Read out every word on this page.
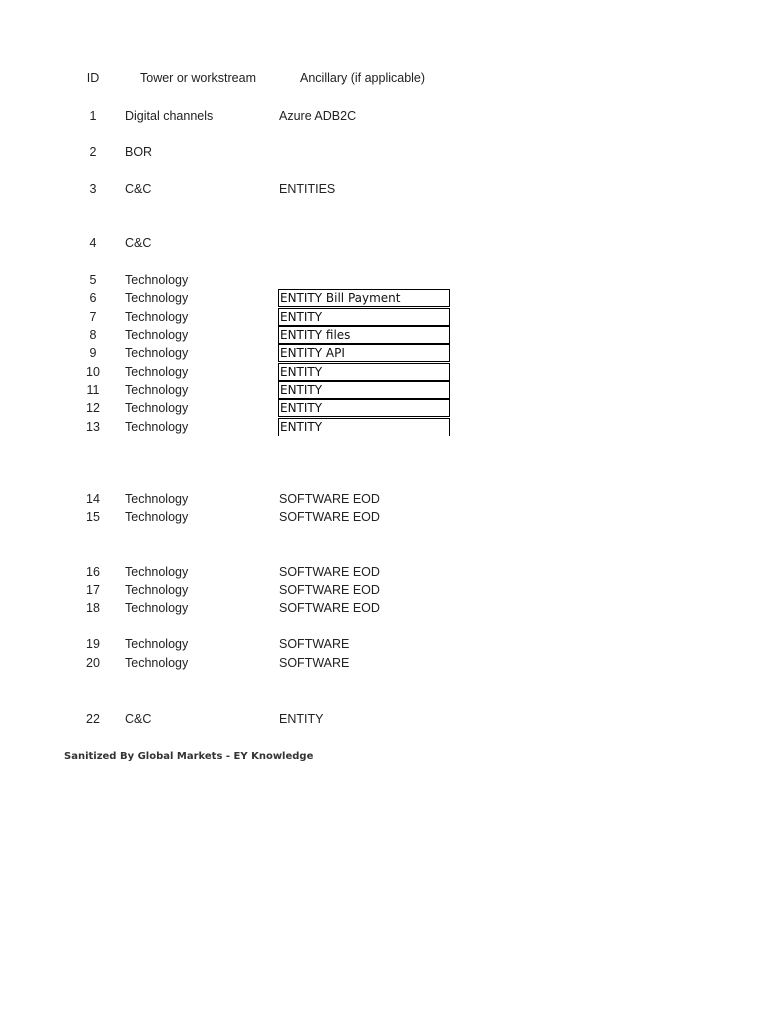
ID	Tower or workstream	Ancillary (if applicable)
1	Digital channels	Azure ADB2C
2	BOR
3	C&C	ENTITIES
4	C&C
5	Technology
6	Technology	ENTITY Bill Payment
7	Technology	ENTITY
8	Technology	ENTITY files
9	Technology	ENTITY API
10	Technology	ENTITY
11	Technology	ENTITY
12	Technology	ENTITY
13	Technology	ENTITY
14	Technology	SOFTWARE EOD
15	Technology	SOFTWARE EOD
16	Technology	SOFTWARE EOD
17	Technology	SOFTWARE EOD
18	Technology	SOFTWARE EOD
19	Technology	SOFTWARE
20	Technology	SOFTWARE
22	C&C	ENTITY
Sanitized By Global Markets - EY Knowledge
